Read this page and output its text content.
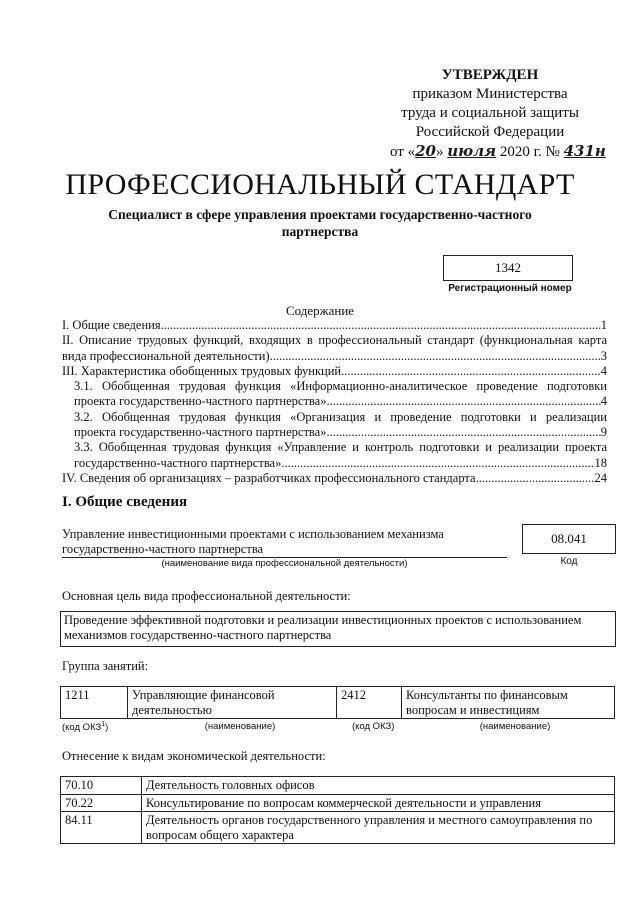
УТВЕРЖДЕН
приказом Министерства
труда и социальной защиты
Российской Федерации
от «20» июля 2020 г. № 431н
ПРОФЕССИОНАЛЬНЫЙ СТАНДАРТ
Специалист в сфере управления проектами государственно-частного партнерства
1342
Регистрационный номер
Содержание
I. Общие сведения .....	1
II. Описание трудовых функций, входящих в профессиональный стандарт (функциональная карта
вида профессиональной деятельности) .....	3
III. Характеристика обобщенных трудовых функций .....	4
3.1. Обобщенная трудовая функция «Информационно-аналитическое проведение подготовки
проекта государственно-частного партнерства» .....	4
3.2. Обобщенная трудовая функция «Организация и проведение подготовки и реализации
проекта государственно-частного партнерства» .....	9
3.3. Обобщенная трудовая функция «Управление и контроль подготовки и реализации проекта
государственно-частного партнерства» .....	18
IV. Сведения об организациях – разработчиках профессионального стандарта .....	24
I. Общие сведения
Управление инвестиционными проектами с использованием механизма государственно-частного партнерства
(наименование вида профессиональной деятельности)
08.041
Код
Основная цель вида профессиональной деятельности:
Проведение эффективной подготовки и реализации инвестиционных проектов с использованием механизмов государственно-частного партнерства
Группа занятий:
1211	Управляющие финансовой деятельностью	2412	Консультанты по финансовым вопросам и инвестициям
(код ОКЗ$^1$)	(наименование)	(код ОКЗ)	(наименование)
Отнесение к видам экономической деятельности:
70.10	Деятельность головных офисов
70.22	Консультирование по вопросам коммерческой деятельности и управления
84.11	Деятельность органов государственного управления и местного самоуправления по вопросам общего характера
